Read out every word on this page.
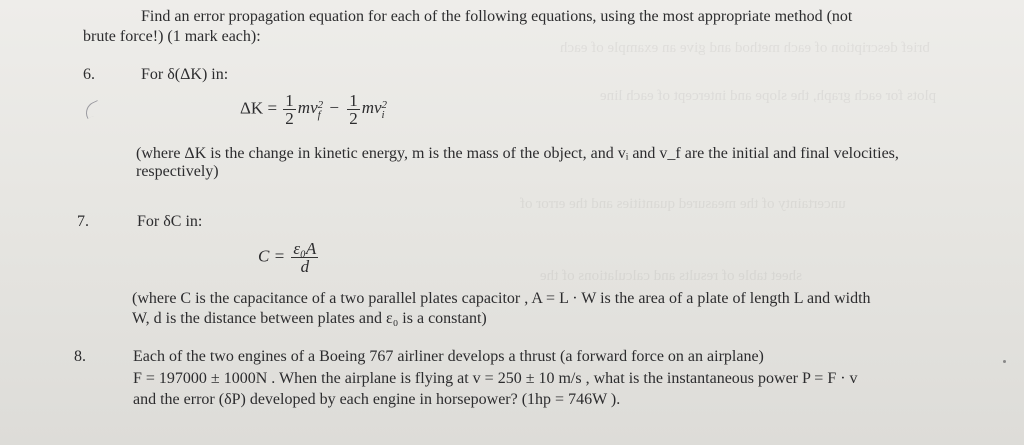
brief description of each method and give an example of each
plots for each graph, the slope and intercept of each line
uncertainty of the measured quantities and the error of
sheet table of results and calculations of the
Find an error propagation equation for each of the following equations, using the most appropriate method (not
brute force!) (1 mark each):
6.	For δ(ΔK) in:
$\Delta K = \frac{1}{2}$ mv 2
$f - \frac{1}{2}$ mv 2
i
(where ΔK is the change in kinetic energy, m is the mass of the object, and vᵢ and v_f are the initial and final velocities,
respectively)
7.	For δC in:
$C = \frac{\text{ε₀A}}{d}$
(where C is the capacitance of a two parallel plates capacitor , A = L · W is the area of a plate of length L and width
W, d is the distance between plates and ε₀ is a constant)
8.	Each of the two engines of a Boeing 767 airliner develops a thrust (a forward force on an airplane)
F = 197000 ± 1000N . When the airplane is flying at v = 250 ± 10 m/s , what is the instantaneous power P = F · v
and the error (δP) developed by each engine in horsepower? (1hp = 746W ).
